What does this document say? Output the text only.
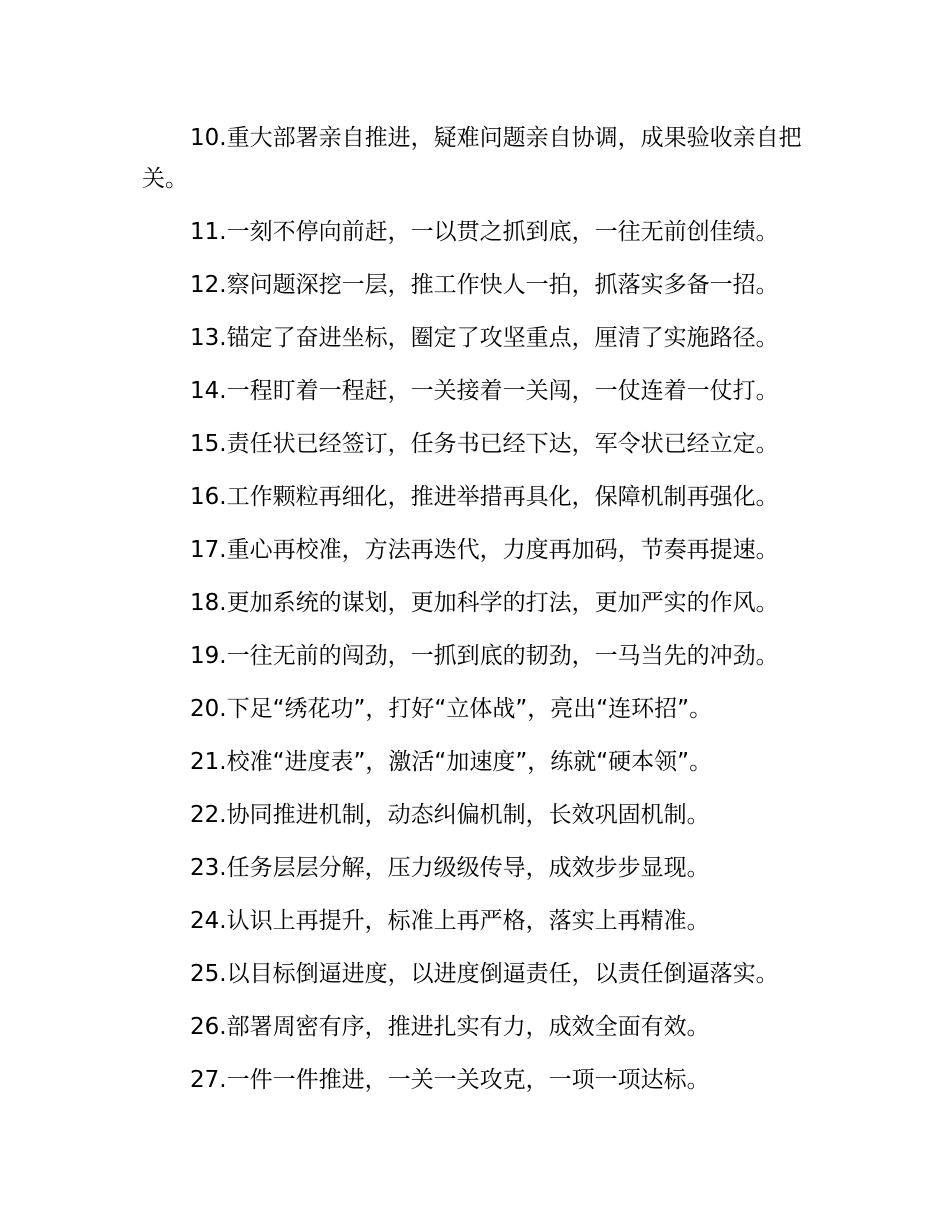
10.重大部署亲自推进，疑难问题亲自协调，成果验收亲自把关。

11.一刻不停向前赶，一以贯之抓到底，一往无前创佳绩。

12.察问题深挖一层，推工作快人一拍，抓落实多备一招。

13.锚定了奋进坐标，圈定了攻坚重点，厘清了实施路径。

14.一程盯着一程赶，一关接着一关闯，一仗连着一仗打。

15.责任状已经签订，任务书已经下达，军令状已经立定。

16.工作颗粒再细化，推进举措再具化，保障机制再强化。

17.重心再校准，方法再迭代，力度再加码，节奏再提速。

18.更加系统的谋划，更加科学的打法，更加严实的作风。

19.一往无前的闯劲，一抓到底的韧劲，一马当先的冲劲。

20.下足“绣花功”，打好“立体战”，亮出“连环招”。

21.校准“进度表”，激活“加速度”，练就“硬本领”。

22.协同推进机制，动态纠偏机制，长效巩固机制。

23.任务层层分解，压力级级传导，成效步步显现。

24.认识上再提升，标准上再严格，落实上再精准。

25.以目标倒逼进度，以进度倒逼责任，以责任倒逼落实。

26.部署周密有序，推进扎实有力，成效全面有效。

27.一件一件推进，一关一关攻克，一项一项达标。
